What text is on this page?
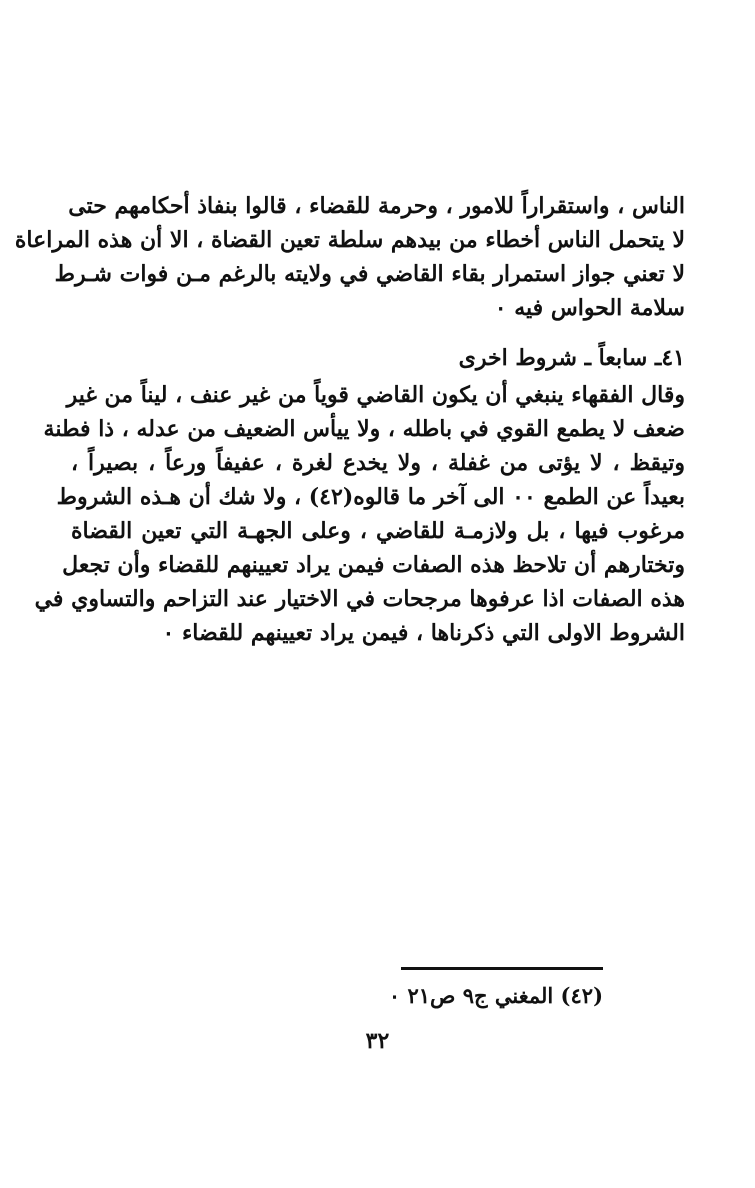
الناس ، واستقراراً للامور ، وحرمة للقضاء ، قالوا بنفاذ أحكامهم حتى
لا يتحمل الناس أخطاء من بيدهم سلطة تعين القضاة ، الا أن هذه المراعاة
لا تعني جواز استمرار بقاء القاضي في ولايته بالرغم مـن فوات شـرط
سلامة الحواس فيه ٠
٤١ـ سابعاً ـ شروط اخرى
وقال الفقهاء ينبغي أن يكون القاضي قوياً من غير عنف ، ليناً من غير
ضعف لا يطمع القوي في باطله ، ولا ييأس الضعيف من عدله ، ذا فطنة
وتيقظ ، لا يؤتى من غفلة ، ولا يخدع لغرة ، عفيفاً ورعاً ، بصيراً ،
بعيداً عن الطمع ٠٠ الى آخر ما قالوه(٤٢) ، ولا شك أن هـذه الشروط
مرغوب فيها ، بل ولازمـة للقاضي ، وعلى الجهـة التي تعين القضاة
وتختارهم أن تلاحظ هذه الصفات فيمن يراد تعيينهم للقضاء وأن تجعل
هذه الصفات اذا عرفوها مرجحات في الاختيار عند التزاحم والتساوي في
الشروط الاولى التي ذكرناها ، فيمن يراد تعيينهم للقضاء ٠
(٤٢) المغني ج٩ ص٢١ ٠
٣٢
